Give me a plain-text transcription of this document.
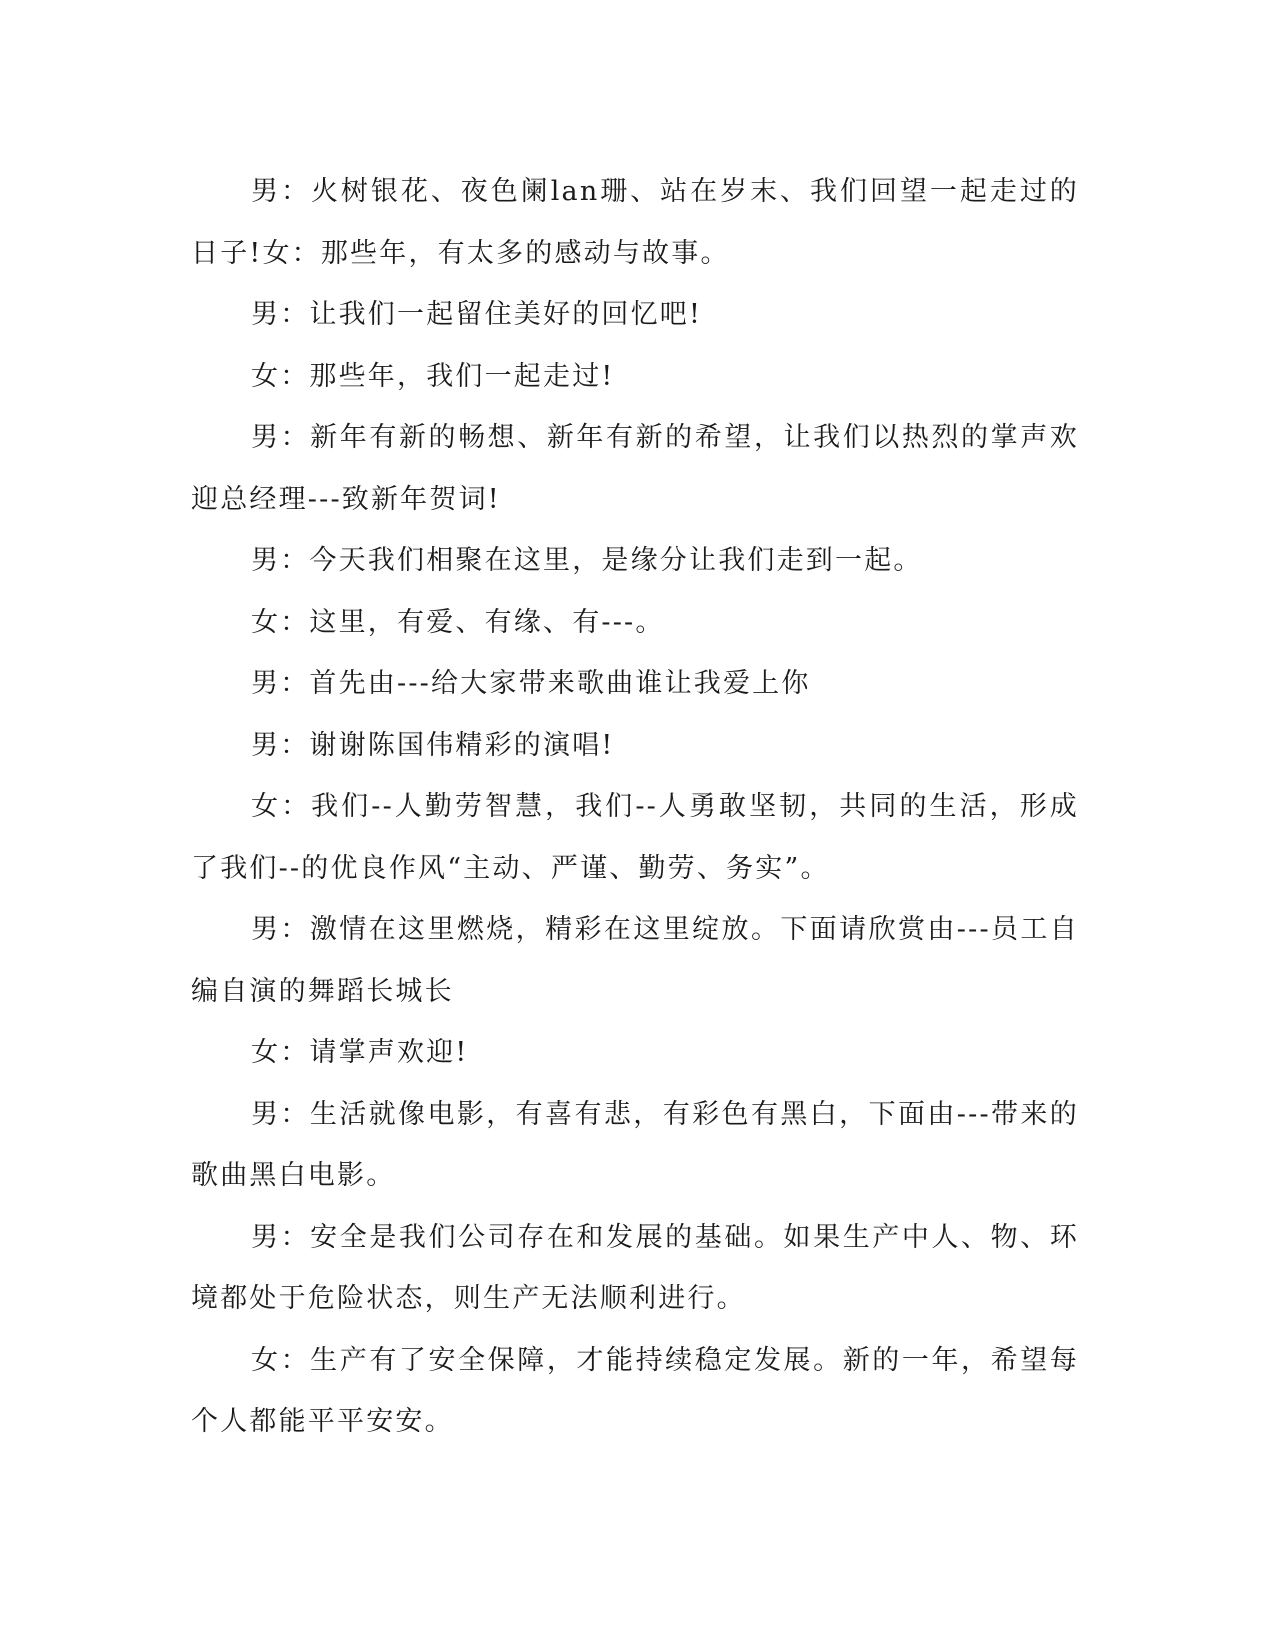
男：火树银花、夜色阑lan珊、站在岁末、我们回望一起走过的日子!女：那些年，有太多的感动与故事。

男：让我们一起留住美好的回忆吧!

女：那些年，我们一起走过!

男：新年有新的畅想、新年有新的希望，让我们以热烈的掌声欢迎总经理---致新年贺词!

男：今天我们相聚在这里，是缘分让我们走到一起。

女：这里，有爱、有缘、有---。

男：首先由---给大家带来歌曲谁让我爱上你

男：谢谢陈国伟精彩的演唱!

女：我们--人勤劳智慧，我们--人勇敢坚韧，共同的生活，形成了我们--的优良作风“主动、严谨、勤劳、务实”。

男：激情在这里燃烧，精彩在这里绽放。下面请欣赏由---员工自编自演的舞蹈长城长

女：请掌声欢迎!

男：生活就像电影，有喜有悲，有彩色有黑白，下面由---带来的歌曲黑白电影。

男：安全是我们公司存在和发展的基础。如果生产中人、物、环境都处于危险状态，则生产无法顺利进行。

女：生产有了安全保障，才能持续稳定发展。新的一年，希望每个人都能平平安安。
